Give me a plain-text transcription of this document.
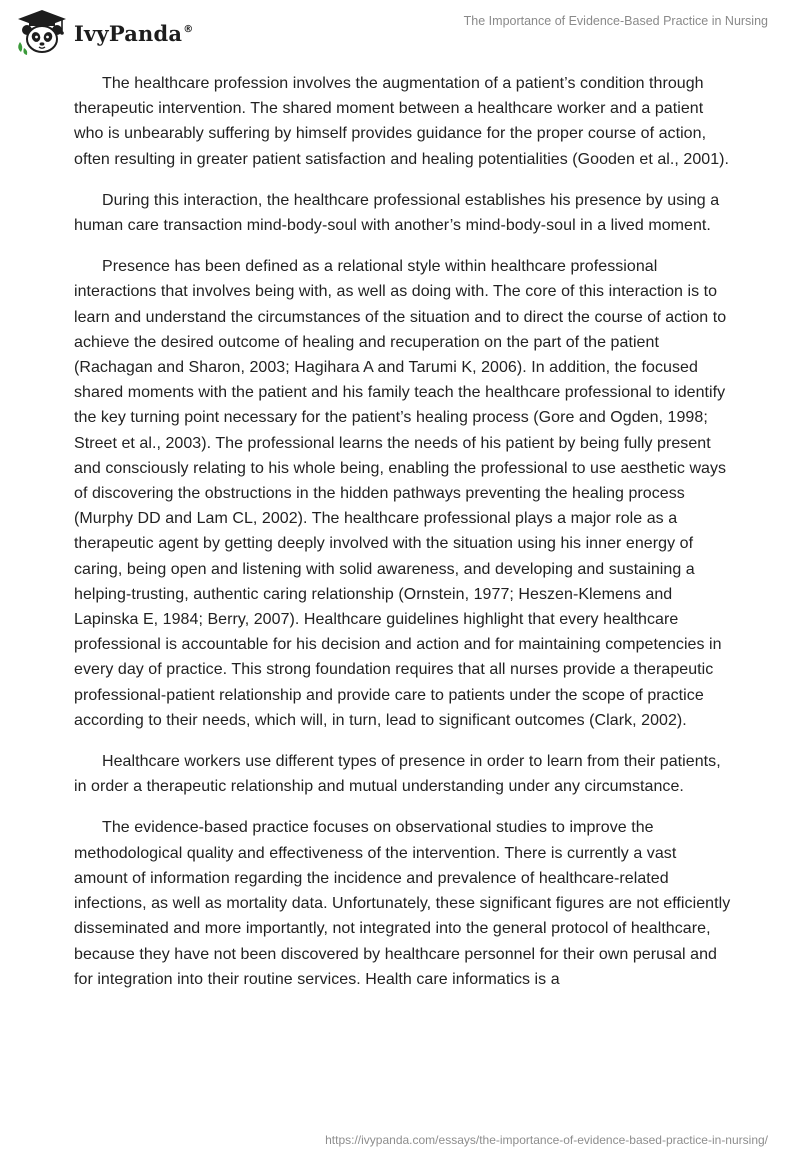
IvyPanda®
The Importance of Evidence-Based Practice in Nursing

The healthcare profession involves the augmentation of a patient’s condition through therapeutic intervention. The shared moment between a healthcare worker and a patient who is unbearably suffering by himself provides guidance for the proper course of action, often resulting in greater patient satisfaction and healing potentialities (Gooden et al., 2001).

During this interaction, the healthcare professional establishes his presence by using a human care transaction mind-body-soul with another’s mind-body-soul in a lived moment.

Presence has been defined as a relational style within healthcare professional interactions that involves being with, as well as doing with. The core of this interaction is to learn and understand the circumstances of the situation and to direct the course of action to achieve the desired outcome of healing and recuperation on the part of the patient (Rachagan and Sharon, 2003; Hagihara A and Tarumi K, 2006). In addition, the focused shared moments with the patient and his family teach the healthcare professional to identify the key turning point necessary for the patient’s healing process (Gore and Ogden, 1998; Street et al., 2003). The professional learns the needs of his patient by being fully present and consciously relating to his whole being, enabling the professional to use aesthetic ways of discovering the obstructions in the hidden pathways preventing the healing process (Murphy DD and Lam CL, 2002). The healthcare professional plays a major role as a therapeutic agent by getting deeply involved with the situation using his inner energy of caring, being open and listening with solid awareness, and developing and sustaining a helping-trusting, authentic caring relationship (Ornstein, 1977; Heszen-Klemens and Lapinska E, 1984; Berry, 2007). Healthcare guidelines highlight that every healthcare professional is accountable for his decision and action and for maintaining competencies in every day of practice. This strong foundation requires that all nurses provide a therapeutic professional-patient relationship and provide care to patients under the scope of practice according to their needs, which will, in turn, lead to significant outcomes (Clark, 2002).

Healthcare workers use different types of presence in order to learn from their patients, in order a therapeutic relationship and mutual understanding under any circumstance.

The evidence-based practice focuses on observational studies to improve the methodological quality and effectiveness of the intervention. There is currently a vast amount of information regarding the incidence and prevalence of healthcare-related infections, as well as mortality data. Unfortunately, these significant figures are not efficiently disseminated and more importantly, not integrated into the general protocol of healthcare, because they have not been discovered by healthcare personnel for their own perusal and for integration into their routine services. Health care informatics is a

https://ivypanda.com/essays/the-importance-of-evidence-based-practice-in-nursing/
